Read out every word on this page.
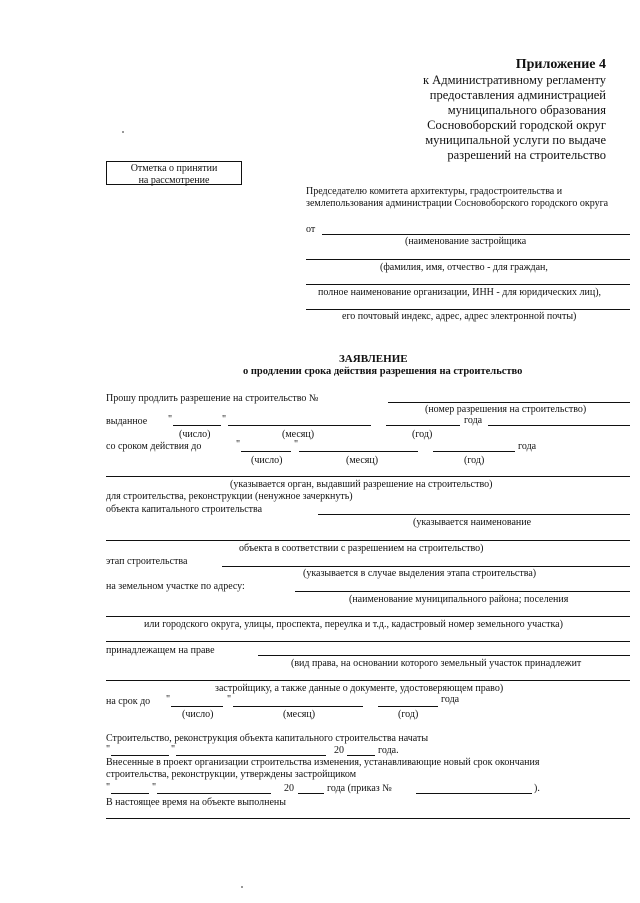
Приложение 4
к Административному регламенту
предоставления администрацией
муниципального образования
Сосновоборский городской округ
муниципальной услуги по выдаче
разрешений на строительство
Отметка о принятии
на рассмотрение
Председателю комитета архитектуры, градостроительства и
землепользования администрации Сосновоборского городского округа
от
(наименование застройщика
(фамилия, имя, отчество - для граждан,
полное наименование организации, ИНН - для юридических лиц),
его почтовый индекс, адрес, адрес электронной почты)
ЗАЯВЛЕНИЕ
о продлении срока действия разрешения на строительство
Прошу продлить разрешение на строительство №
(номер разрешения на строительство)
выданное "	"	года
(число)	(месяц)	(год)
со сроком действия до	"	"	года
(число)	(месяц)	(год)
(указывается орган, выдавший разрешение на строительство)
для строительства, реконструкции (ненужное зачеркнуть)
объекта капитального строительства
(указывается наименование
объекта в соответствии с разрешением на строительство)
этап строительства
(указывается в случае выделения этапа строительства)
на земельном участке по адресу:
(наименование муниципального района; поселения
или городского округа, улицы, проспекта, переулка и т.д., кадастровый номер земельного участка)
принадлежащем на праве
(вид права, на основании которого земельный участок принадлежит
застройщику, а также данные о документе, удостоверяющем право)
на срок до "	"	года
(число)	(месяц)	(год)
Строительство, реконструкция объекта капитального строительства начаты
"	"	20	года.
Внесенные в проект организации строительства изменения, устанавливающие новый срок окончания
строительства, реконструкции, утверждены застройщиком
"	"	20	года (приказ №	).
В настоящее время на объекте выполнены
